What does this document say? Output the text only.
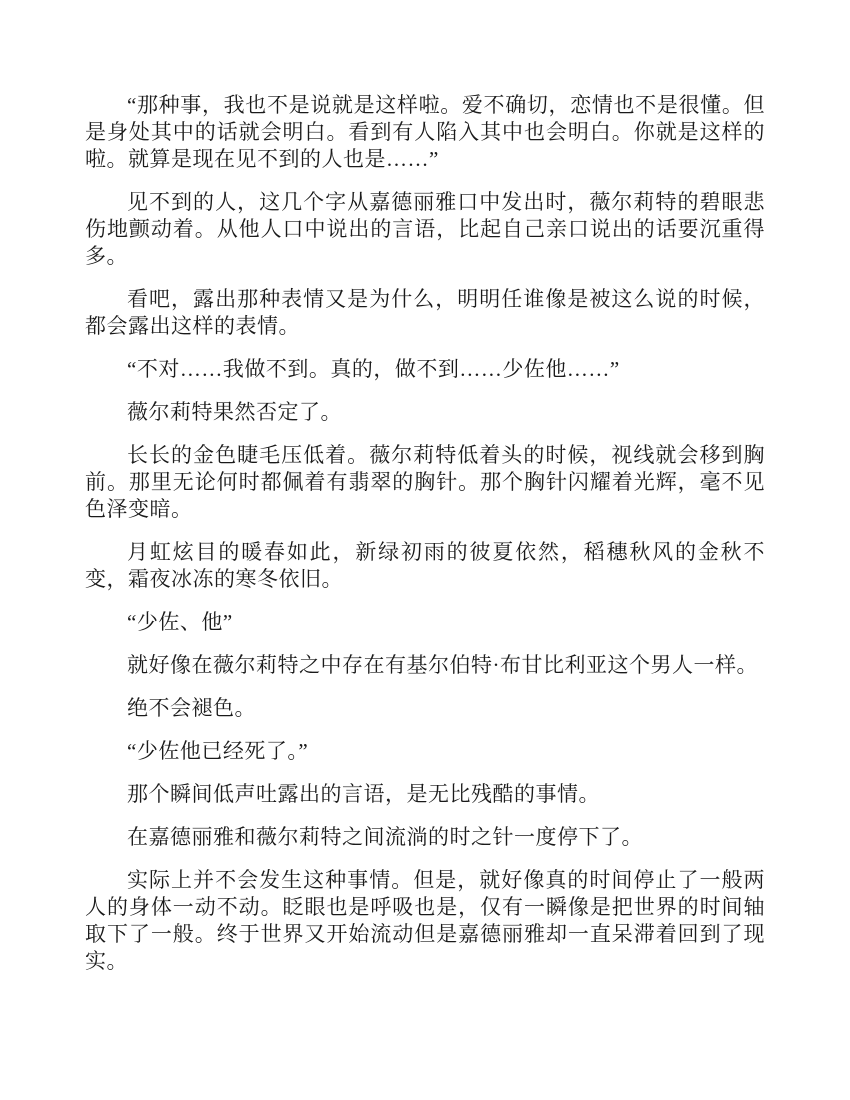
“那种事，我也不是说就是这样啦。爱不确切，恋情也不是很懂。但是身处其中的话就会明白。看到有人陷入其中也会明白。你就是这样的啦。就算是现在见不到的人也是……”

见不到的人，这几个字从嘉德丽雅口中发出时，薇尔莉特的碧眼悲伤地颤动着。从他人口中说出的言语，比起自己亲口说出的话要沉重得多。

看吧，露出那种表情又是为什么，明明任谁像是被这么说的时候，都会露出这样的表情。

“不对……我做不到。真的，做不到……少佐他……”

薇尔莉特果然否定了。

长长的金色睫毛压低着。薇尔莉特低着头的时候，视线就会移到胸前。那里无论何时都佩着有翡翠的胸针。那个胸针闪耀着光辉，毫不见色泽变暗。

月虹炫目的暖春如此，新绿初雨的彼夏依然，稻穗秋风的金秋不变，霜夜冰冻的寒冬依旧。

“少佐、他”

就好像在薇尔莉特之中存在有基尔伯特·布甘比利亚这个男人一样。

绝不会褪色。

“少佐他已经死了。”

那个瞬间低声吐露出的言语，是无比残酷的事情。

在嘉德丽雅和薇尔莉特之间流淌的时之针一度停下了。

实际上并不会发生这种事情。但是，就好像真的时间停止了一般两人的身体一动不动。眨眼也是呼吸也是，仅有一瞬像是把世界的时间轴取下了一般。终于世界又开始流动但是嘉德丽雅却一直呆滞着回到了现实。
